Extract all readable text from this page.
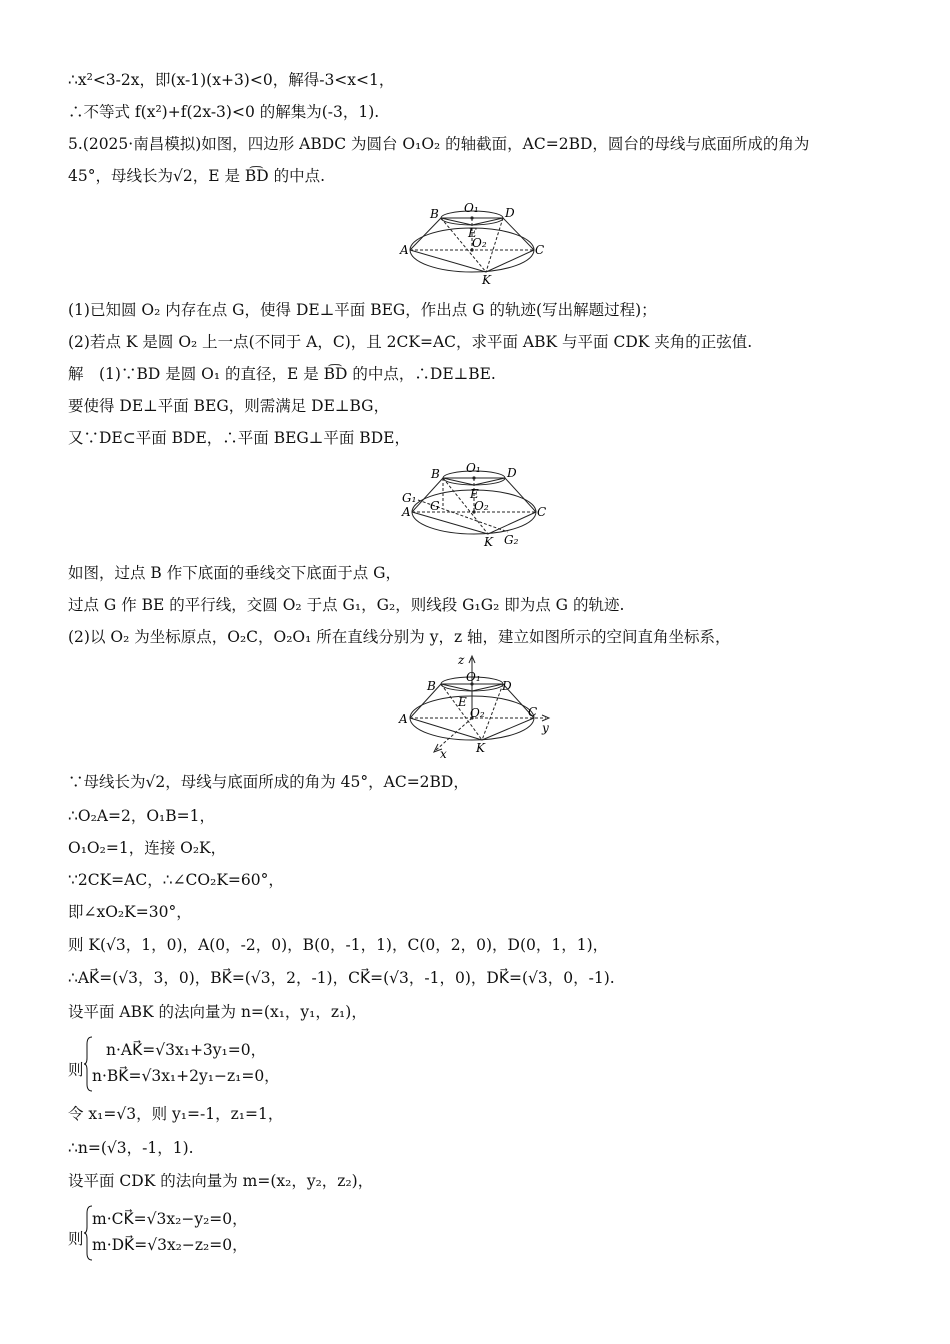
∴x²<3-2x，即(x-1)(x+3)<0，解得-3<x<1，
∴不等式 f(x²)+f(2x-3)<0 的解集为(-3，1).
5.(2025·南昌模拟)如图，四边形 ABDC 为圆台 O₁O₂ 的轴截面，AC=2BD，圆台的母线与底面所成的角为
45°，母线长为√2，E 是 B͡D 的中点.
B O₁ D
E
O₂
A	C
K
(1)已知圆 O₂ 内存在点 G，使得 DE⊥平面 BEG，作出点 G 的轨迹(写出解题过程)；
(2)若点 K 是圆 O₂ 上一点(不同于 A，C)，且 2CK=AC，求平面 ABK 与平面 CDK 夹角的正弦值.
解　(1)∵BD 是圆 O₁ 的直径，E 是 B͡D 的中点，∴DE⊥BE.
要使得 DE⊥平面 BEG，则需满足 DE⊥BG，
又∵DE⊂平面 BDE，∴平面 BEG⊥平面 BDE，
B O₁ D
E
G₁
G	O₂
A	C
K G₂
如图，过点 B 作下底面的垂线交下底面于点 G，
过点 G 作 BE 的平行线，交圆 O₂ 于点 G₁，G₂，则线段 G₁G₂ 即为点 G 的轨迹.
(2)以 O₂ 为坐标原点，O₂C，O₂O₁ 所在直线分别为 y，z 轴，建立如图所示的空间直角坐标系，
z
B
O₁
D
E
O₂
A	C
y
K
x
∵母线长为√2，母线与底面所成的角为 45°，AC=2BD，
∴O₂A=2，O₁B=1，
O₁O₂=1，连接 O₂K，
∵2CK=AC，∴∠CO₂K=60°，
即∠xO₂K=30°，
则 K(√3，1，0)，A(0，-2，0)，B(0，-1，1)，C(0，2，0)，D(0，1，1)，
∴AK⃗=(√3，3，0)，BK⃗=(√3，2，-1)，CK⃗=(√3，-1，0)，DK⃗=(√3，0，-1).
设平面 ABK 的法向量为 n=(x₁，y₁，z₁)，
则
n·AK⃗=√3x₁+3y₁=0，
n·BK⃗=√3x₁+2y₁−z₁=0，
令 x₁=√3，则 y₁=-1，z₁=1，
∴n=(√3，-1，1).
设平面 CDK 的法向量为 m=(x₂，y₂，z₂)，
则
m·CK⃗=√3x₂−y₂=0，
m·DK⃗=√3x₂−z₂=0，
